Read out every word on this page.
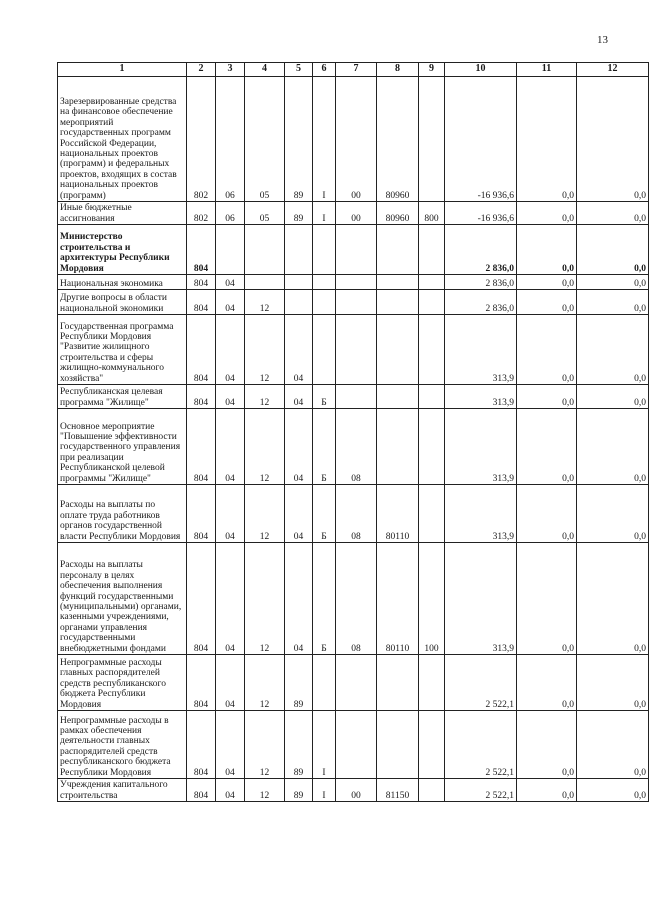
13
1	2	3	4	5	6	7	8	9	10	11	12
Зарезервированные средства на финансовое обеспечение мероприятий государственных программ Российской Федерации, национальных проектов (программ) и федеральных проектов, входящих в состав национальных проектов (программ)	802	06	05	89	I	00	80960		-16 936,6	0,0	0,0
Иные бюджетные ассигнования	802	06	05	89	I	00	80960	800	-16 936,6	0,0	0,0
Министерство строительства и архитектуры Республики Мордовия	804								2 836,0	0,0	0,0
Национальная экономика	804	04							2 836,0	0,0	0,0
Другие вопросы в области национальной экономики	804	04	12						2 836,0	0,0	0,0
Государственная программа Республики Мордовия "Развитие жилищного строительства и сферы жилищно-коммунального хозяйства"	804	04	12	04					313,9	0,0	0,0
Республиканская целевая программа "Жилище"	804	04	12	04	Б				313,9	0,0	0,0
Основное мероприятие "Повышение эффективности государственного управления при реализации Республиканской целевой программы "Жилище"	804	04	12	04	Б	08			313,9	0,0	0,0
Расходы на выплаты по оплате труда работников органов государственной власти Республики Мордовия	804	04	12	04	Б	08	80110		313,9	0,0	0,0
Расходы на выплаты персоналу в целях обеспечения выполнения функций государственными (муниципальными) органами, казенными учреждениями, органами управления государственными внебюджетными фондами	804	04	12	04	Б	08	80110	100	313,9	0,0	0,0
Непрограммные расходы главных распорядителей средств республиканского бюджета Республики Мордовия	804	04	12	89					2 522,1	0,0	0,0
Непрограммные расходы в рамках обеспечения деятельности главных распорядителей средств республиканского бюджета Республики Мордовия	804	04	12	89	I				2 522,1	0,0	0,0
Учреждения капитального строительства	804	04	12	89	I	00	81150		2 522,1	0,0	0,0
